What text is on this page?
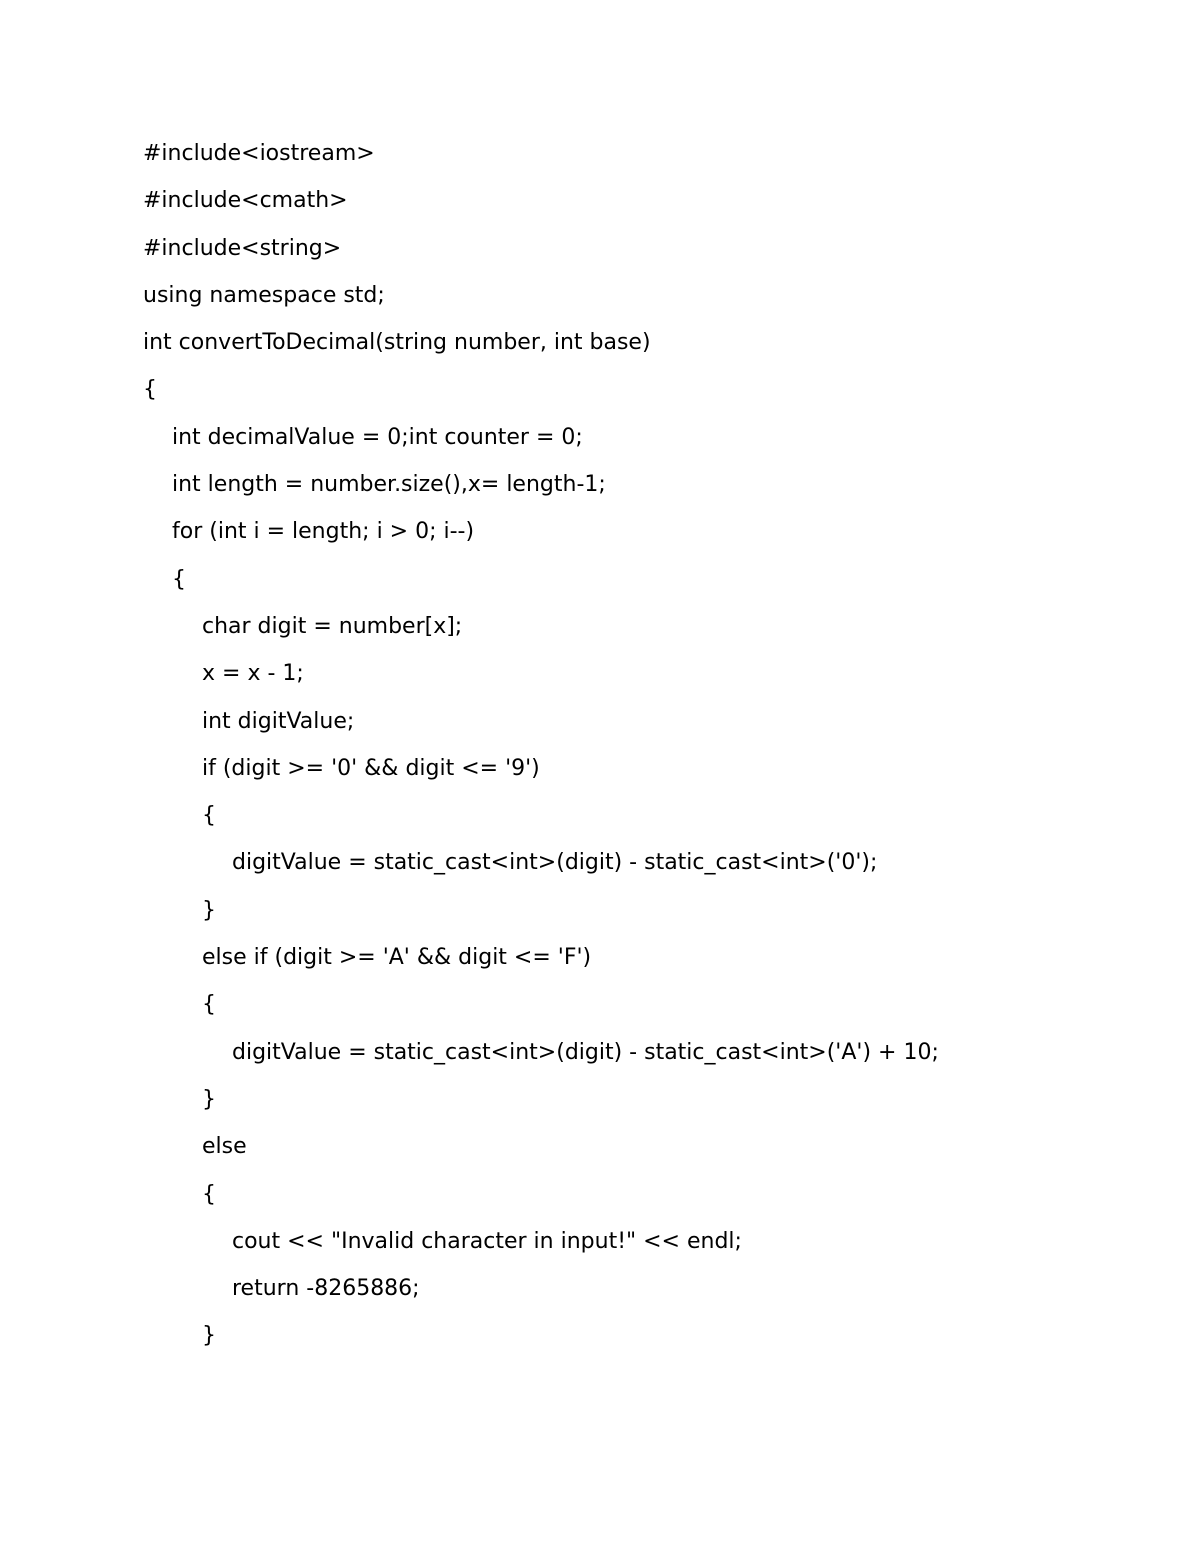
#include<iostream>
#include<cmath>
#include<string>
using namespace std;
int convertToDecimal(string number, int base)
{
int decimalValue = 0;int counter = 0;
int length = number.size(),x= length-1;
for (int i = length; i > 0; i--)
{
char digit = number[x];
x = x - 1;
int digitValue;
if (digit >= '0' && digit <= '9')
{
digitValue = static_cast<int>(digit) - static_cast<int>('0');
}
else if (digit >= 'A' && digit <= 'F')
{
digitValue = static_cast<int>(digit) - static_cast<int>('A') + 10;
}
else
{
cout << "Invalid character in input!" << endl;
return -8265886;
}
